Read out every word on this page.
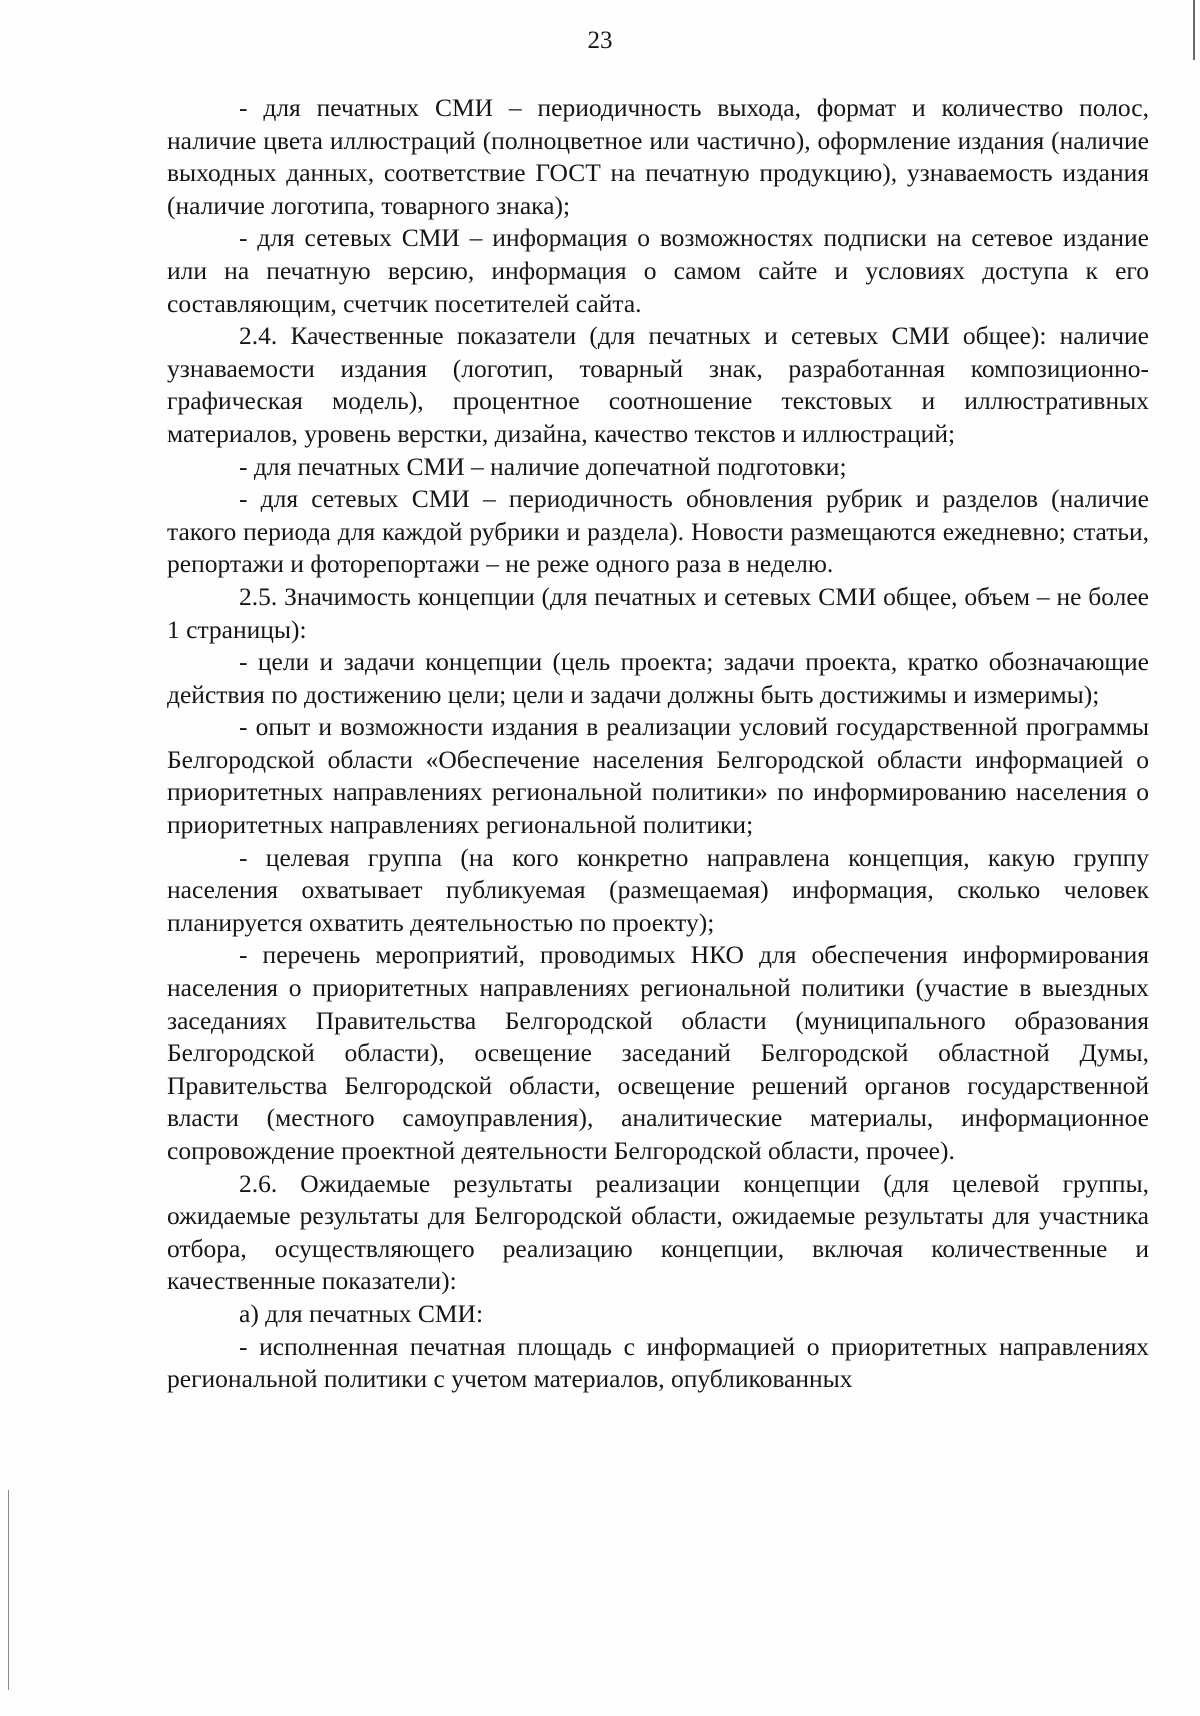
23

- для печатных СМИ – периодичность выхода, формат и количество полос, наличие цвета иллюстраций (полноцветное или частично), оформление издания (наличие выходных данных, соответствие ГОСТ на печатную продукцию), узнаваемость издания (наличие логотипа, товарного знака);

- для сетевых СМИ – информация о возможностях подписки на сетевое издание или на печатную версию, информация о самом сайте и условиях доступа к его составляющим, счетчик посетителей сайта.

2.4. Качественные показатели (для печатных и сетевых СМИ общее): наличие узнаваемости издания (логотип, товарный знак, разработанная композиционно-графическая модель), процентное соотношение текстовых и иллюстративных материалов, уровень верстки, дизайна, качество текстов и иллюстраций;

- для печатных СМИ – наличие допечатной подготовки;

- для сетевых СМИ – периодичность обновления рубрик и разделов (наличие такого периода для каждой рубрики и раздела). Новости размещаются ежедневно; статьи, репортажи и фоторепортажи – не реже одного раза в неделю.

2.5. Значимость концепции (для печатных и сетевых СМИ общее, объем – не более 1 страницы):

- цели и задачи концепции (цель проекта; задачи проекта, кратко обозначающие действия по достижению цели; цели и задачи должны быть достижимы и измеримы);

- опыт и возможности издания в реализации условий государственной программы Белгородской области «Обеспечение населения Белгородской области информацией о приоритетных направлениях региональной политики» по информированию населения о приоритетных направлениях региональной политики;

- целевая группа (на кого конкретно направлена концепция, какую группу населения охватывает публикуемая (размещаемая) информация, сколько человек планируется охватить деятельностью по проекту);

- перечень мероприятий, проводимых НКО для обеспечения информирования населения о приоритетных направлениях региональной политики (участие в выездных заседаниях Правительства Белгородской области (муниципального образования Белгородской области), освещение заседаний Белгородской областной Думы, Правительства Белгородской области, освещение решений органов государственной власти (местного самоуправления), аналитические материалы, информационное сопровождение проектной деятельности Белгородской области, прочее).

2.6. Ожидаемые результаты реализации концепции (для целевой группы, ожидаемые результаты для Белгородской области, ожидаемые результаты для участника отбора, осуществляющего реализацию концепции, включая количественные и качественные показатели):

а) для печатных СМИ:

- исполненная печатная площадь с информацией о приоритетных направлениях региональной политики с учетом материалов, опубликованных
